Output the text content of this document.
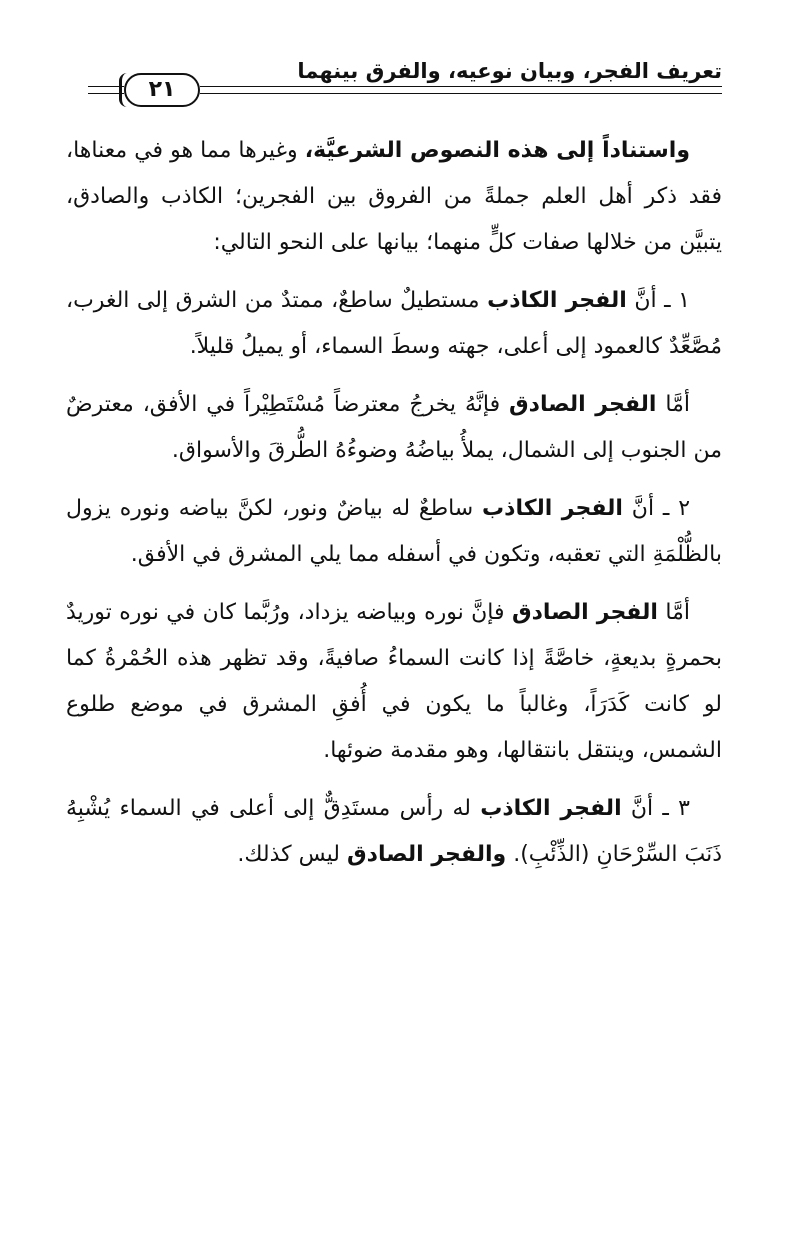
تعريف الفجر، وبيان نوعيه، والفرق بينهما
٢١

واستناداً إلى هذه النصوص الشرعيَّة، وغيرها مما هو في معناها، فقد ذكر أهل العلم جملةً من الفروق بين الفجرين؛ الكاذب والصادق، يتبيَّن من خلالها صفات كلٍّ منهما؛ بيانها على النحو التالي:

١ ـ أنَّ الفجر الكاذب مستطيلٌ ساطعٌ، ممتدٌ من الشرق إلى الغرب، مُصَّعِّدٌ كالعمود إلى أعلى، جهته وسطَ السماء، أو يميلُ قليلاً.

أمَّا الفجر الصادق فإنَّهُ يخرجُ معترضاً مُسْتَطِيْراً في الأفق، معترضٌ من الجنوب إلى الشمال، يملأُ بياضُهُ وضوءُهُ الطُّرقَ والأسواق.

٢ ـ أنَّ الفجر الكاذب ساطعٌ له بياضٌ ونور، لكنَّ بياضه ونوره يزول بالظُّلْمَةِ التي تعقبه، وتكون في أسفله مما يلي المشرق في الأفق.

أمَّا الفجر الصادق فإنَّ نوره وبياضه يزداد، ورُبَّما كان في نوره توريدٌ بحمرةٍ بديعةٍ، خاصَّةً إذا كانت السماءُ صافيةً، وقد تظهر هذه الحُمْرةُ كما لو كانت كَدَرَاً، وغالباً ما يكون في أُفقِ المشرق في موضع طلوع الشمس، وينتقل بانتقالها، وهو مقدمة ضوئها.

٣ ـ أنَّ الفجر الكاذب له رأس مستَدِقٌّ إلى أعلى في السماء يُشْبِهُ ذَنَبَ السِّرْحَانِ (الذِّئْبِ). والفجر الصادق ليس كذلك.
